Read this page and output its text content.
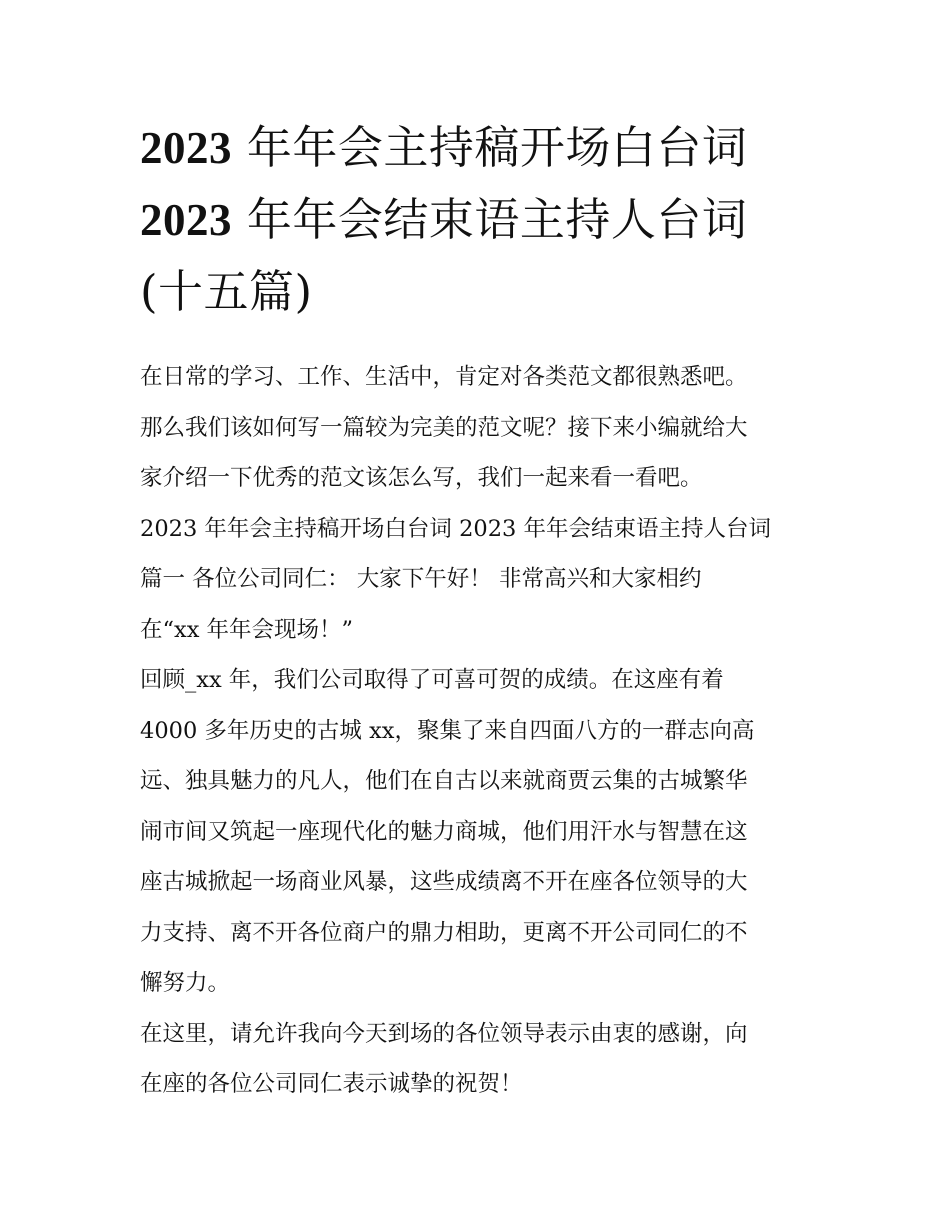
2023 年年会主持稿开场白台词
2023 年年会结束语主持人台词
(十五篇)
在日常的学习、工作、生活中，肯定对各类范文都很熟悉吧。
那么我们该如何写一篇较为完美的范文呢？接下来小编就给大
家介绍一下优秀的范文该怎么写，我们一起来看一看吧。
2023 年年会主持稿开场白台词 2023 年年会结束语主持人台词
篇一 各位公司同仁： 大家下午好！ 非常高兴和大家相约
在“xx 年年会现场！”
回顾_xx 年，我们公司取得了可喜可贺的成绩。在这座有着
4000 多年历史的古城 xx，聚集了来自四面八方的一群志向高
远、独具魅力的凡人，他们在自古以来就商贾云集的古城繁华
闹市间又筑起一座现代化的魅力商城，他们用汗水与智慧在这
座古城掀起一场商业风暴，这些成绩离不开在座各位领导的大
力支持、离不开各位商户的鼎力相助，更离不开公司同仁的不
懈努力。
在这里，请允许我向今天到场的各位领导表示由衷的感谢，向
在座的各位公司同仁表示诚挚的祝贺！
